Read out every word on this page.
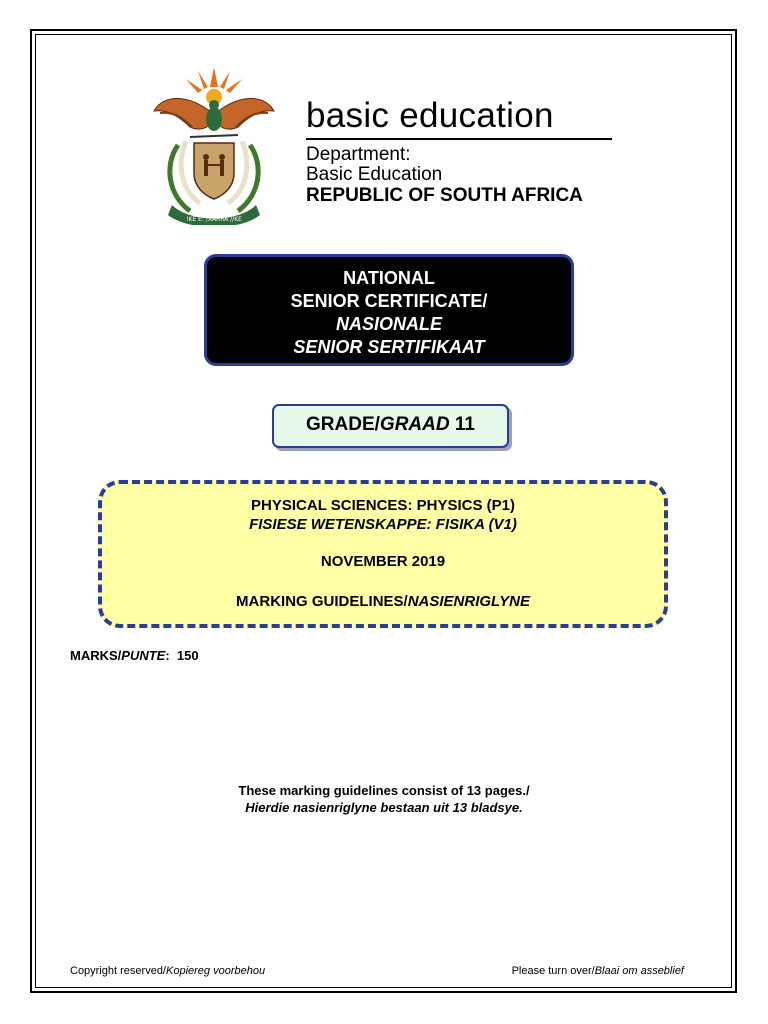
!KE E: /XARRA //KE
basic education
Department:
Basic Education
REPUBLIC OF SOUTH AFRICA
NATIONAL
SENIOR CERTIFICATE/
NASIONALE
SENIOR SERTIFIKAAT
GRADE/GRAAD 11
PHYSICAL SCIENCES: PHYSICS (P1)
FISIESE WETENSKAPPE: FISIKA (V1)
NOVEMBER 2019
MARKING GUIDELINES/NASIENRIGLYNE
MARKS/PUNTE:  150
These marking guidelines consist of 13 pages./
Hierdie nasienriglyne bestaan uit 13 bladsye.
Copyright reserved/Kopiereg voorbehou	Please turn over/Blaai om asseblief
